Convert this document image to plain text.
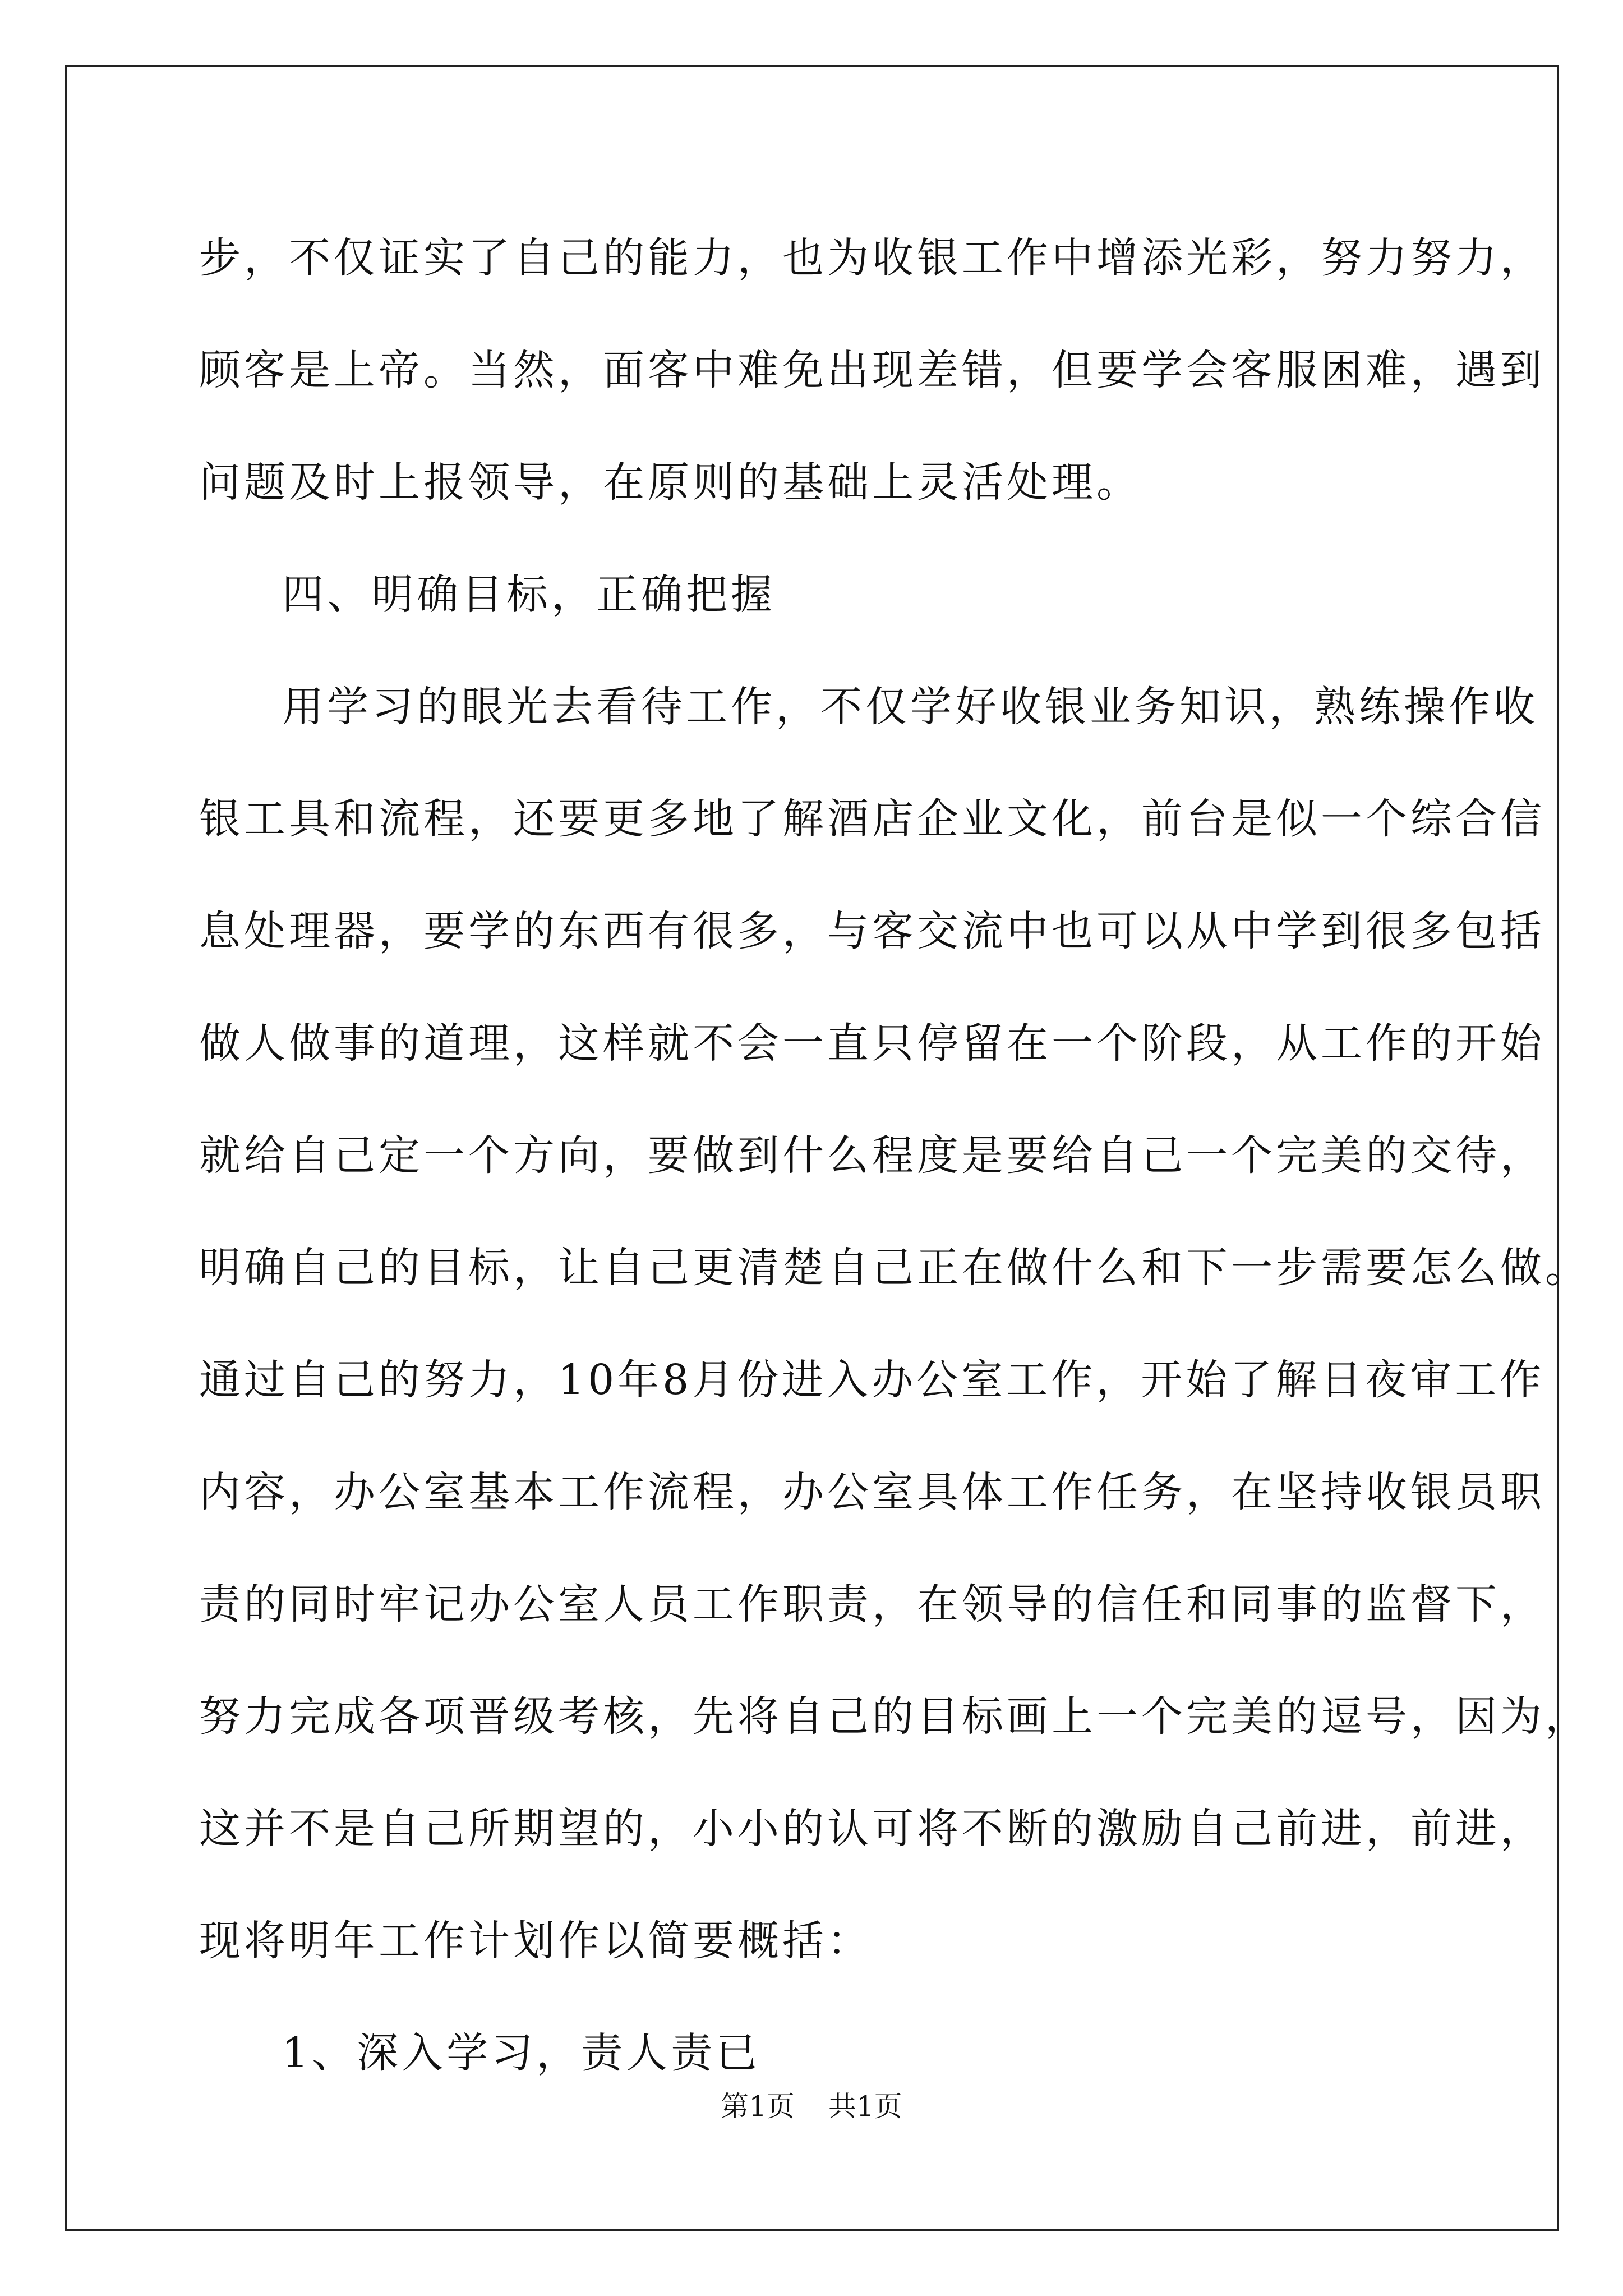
步，不仅证实了自己的能力，也为收银工作中增添光彩，努力努力，
顾客是上帝。当然，面客中难免出现差错，但要学会客服困难，遇到
问题及时上报领导，在原则的基础上灵活处理。
四、明确目标，正确把握
用学习的眼光去看待工作，不仅学好收银业务知识，熟练操作收
银工具和流程，还要更多地了解酒店企业文化，前台是似一个综合信
息处理器，要学的东西有很多，与客交流中也可以从中学到很多包括
做人做事的道理，这样就不会一直只停留在一个阶段，从工作的开始
就给自己定一个方向，要做到什么程度是要给自己一个完美的交待，
明确自己的目标，让自己更清楚自己正在做什么和下一步需要怎么做。
通过自己的努力，10年8月份进入办公室工作，开始了解日夜审工作
内容，办公室基本工作流程，办公室具体工作任务，在坚持收银员职
责的同时牢记办公室人员工作职责，在领导的信任和同事的监督下，
努力完成各项晋级考核，先将自己的目标画上一个完美的逗号，因为，
这并不是自己所期望的，小小的认可将不断的激励自己前进，前进，
现将明年工作计划作以简要概括：
1、深入学习，责人责已
第1页 共1页
